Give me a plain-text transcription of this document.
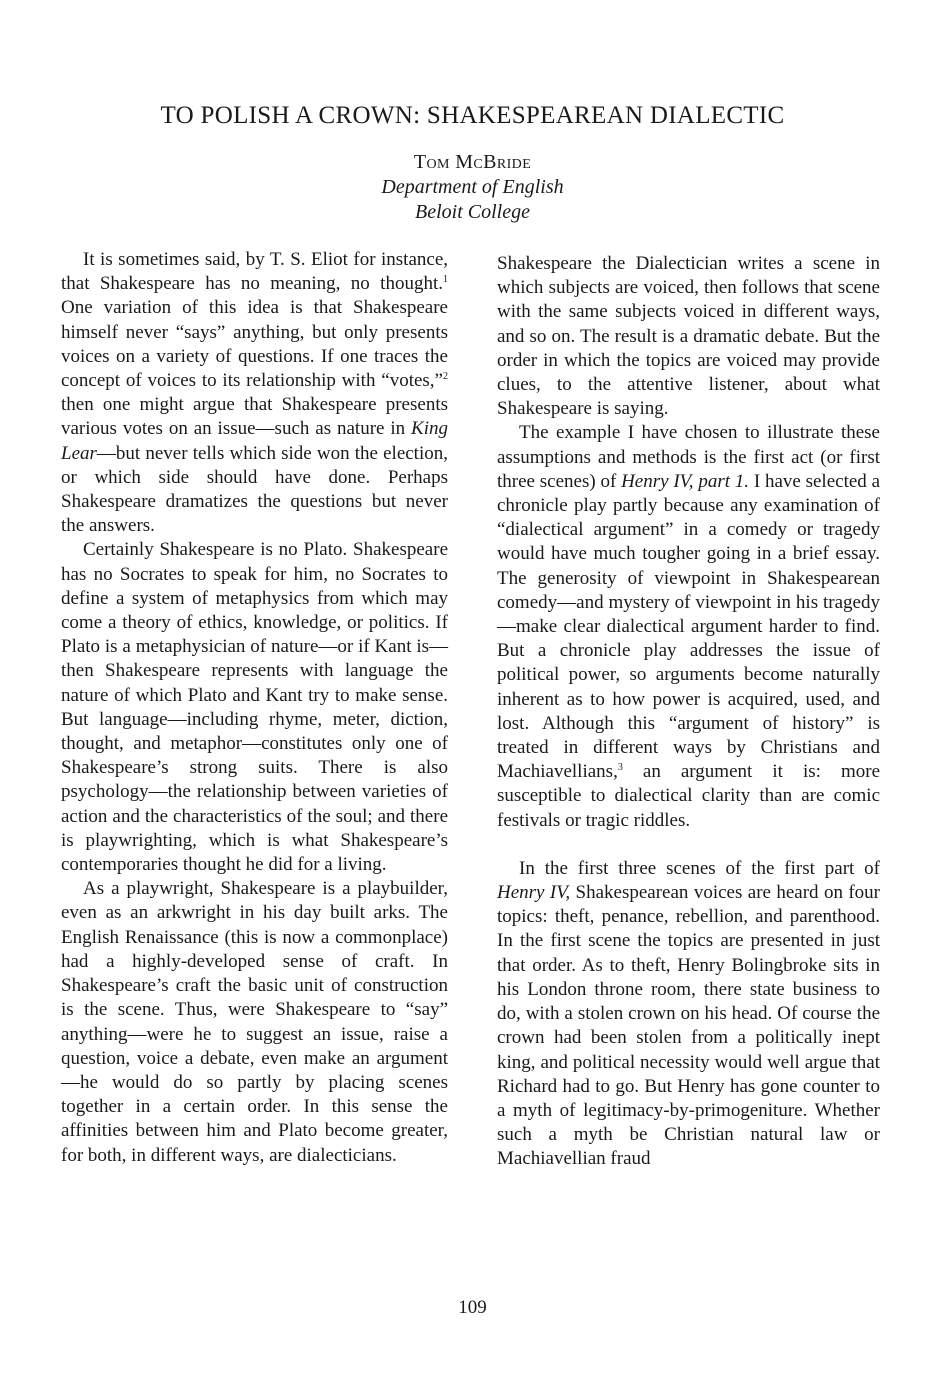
TO POLISH A CROWN: SHAKESPEAREAN DIALECTIC
Tom McBride
Department of English
Beloit College

It is sometimes said, by T. S. Eliot for instance, that Shakespeare has no meaning, no thought.$^1$ One variation of this idea is that Shakespeare himself never “says” anything, but only presents voices on a variety of questions. If one traces the concept of voices to its relationship with “votes,”$^2$ then one might argue that Shakespeare presents various votes on an issue—such as nature in King Lear—but never tells which side won the election, or which side should have done. Perhaps Shakespeare dramatizes the questions but never the answers.

Certainly Shakespeare is no Plato. Shakespeare has no Socrates to speak for him, no Socrates to define a system of metaphysics from which may come a theory of ethics, knowledge, or politics. If Plato is a metaphysician of nature—or if Kant is—then Shakespeare represents with language the nature of which Plato and Kant try to make sense. But language—including rhyme, meter, diction, thought, and metaphor—constitutes only one of Shakespeare’s strong suits. There is also psychology—the relationship between varieties of action and the characteristics of the soul; and there is playwrighting, which is what Shakespeare’s contemporaries thought he did for a living.

As a playwright, Shakespeare is a playbuilder, even as an arkwright in his day built arks. The English Renaissance (this is now a commonplace) had a highly-developed sense of craft. In Shakespeare’s craft the basic unit of construction is the scene. Thus, were Shakespeare to “say” anything—were he to suggest an issue, raise a question, voice a debate, even make an argument—he would do so partly by placing scenes together in a certain order. In this sense the affinities between him and Plato become greater, for both, in different ways, are dialecticians.

Shakespeare the Dialectician writes a scene in which subjects are voiced, then follows that scene with the same subjects voiced in different ways, and so on. The result is a dramatic debate. But the order in which the topics are voiced may provide clues, to the attentive listener, about what Shakespeare is saying.

The example I have chosen to illustrate these assumptions and methods is the first act (or first three scenes) of Henry IV, part 1. I have selected a chronicle play partly because any examination of “dialectical argument” in a comedy or tragedy would have much tougher going in a brief essay. The generosity of viewpoint in Shakespearean comedy—and mystery of viewpoint in his tragedy—make clear dialectical argument harder to find. But a chronicle play addresses the issue of political power, so arguments become naturally inherent as to how power is acquired, used, and lost. Although this “argument of history” is treated in different ways by Christians and Machiavellians,$^3$ an argument it is: more susceptible to dialectical clarity than are comic festivals or tragic riddles.

In the first three scenes of the first part of Henry IV, Shakespearean voices are heard on four topics: theft, penance, rebellion, and parenthood. In the first scene the topics are presented in just that order. As to theft, Henry Bolingbroke sits in his London throne room, there state business to do, with a stolen crown on his head. Of course the crown had been stolen from a politically inept king, and political necessity would well argue that Richard had to go. But Henry has gone counter to a myth of legitimacy-by-primogeniture. Whether such a myth be Christian natural law or Machiavellian fraud

109
